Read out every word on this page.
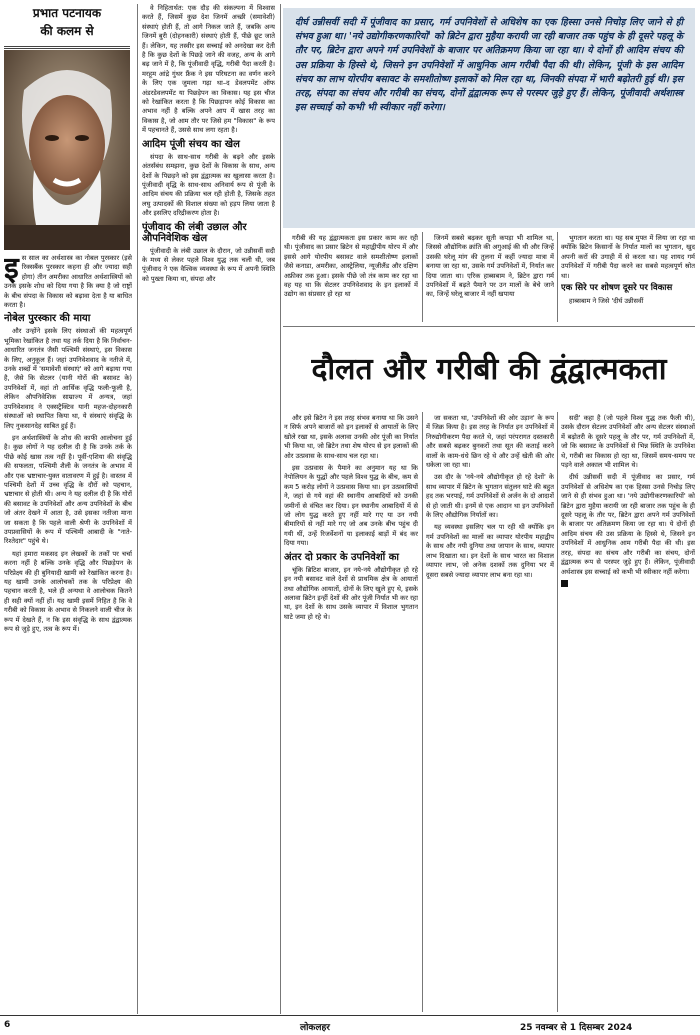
प्रभात पटनायक
की कलम से
दीर्घ उन्नीसवीं सदी में पूंजीवाद का प्रसार, गर्म उपनिवेशों से अधिशेष का एक हिस्सा उनसे निचोड़ लिए जाने से ही संभव हुआ था। 'नये उद्योगीकरणकारियों' को ब्रिटेन द्वारा मुहैया करायी जा रही बाजार तक पहुंच के ही दूसरे पहलू के तौर पर, ब्रिटेन द्वारा अपने गर्म उपनिवेशों के बाजार पर अतिक्रमण किया जा रहा था। ये दोनों ही आदिम संचय की उस प्रक्रिया के हिस्से थे, जिसने इन उपनिवेशों में आधुनिक आम गरीबी पैदा की थी। लेकिन, पूंजी के इस आदिम संचय का लाभ योरपीय बसावट के समशीतोष्ण इलाकों को मिल रहा था, जिनकी संपदा में भारी बढ़ोतरी हुई थी। इस तरह, संपदा का संचय और गरीबी का संचय, दोनों द्वंद्वात्मक रूप से परस्पर जुड़े हुए हैं। लेकिन, पूंजीवादी अर्थशास्त्र इस सच्चाई को कभी भी स्वीकार नहीं करेगा।
दौलत और गरीबी की द्वंद्वात्मकता

इस साल का अर्थशास्त्र का नोबल पुरस्कार (इसे रिक्सबैंक पुरस्कार कहना ही और ज्यादा सही होगा) तीन अमरीका आधारित अर्थशास्त्रियों को उनके इसके शोध को दिया गया है कि क्या है जो राष्ट्रों के बीच संपदा के विकास को बढ़ावा देता है या बाधित करता है।

नोबेल पुरस्कार की माया

और उन्होंने इसके लिए संस्थाओं की महत्वपूर्ण भूमिका रेखांकित है तथा यह तर्क दिया है कि निर्वाचन-आधारित जनतंत्र जैसी पश्चिमी संस्थाएं, इस विकास के लिए, अनुकूल हैं। जहां उपनिवेशवाद के नतीजे में, उनके शब्दों में 'समावेशी संस्थाएं' को आगे बढ़ाया गया है, जैसे कि सेटलर (यानी गोरों की बसावट के) उपनिवेशों में, वहां तो आर्थिक वृद्धि फली-फूली है, लेकिन औपनिवेशिक साम्राज्य में अन्यत्र, जहां उपनिवेशवाद ने एक्सट्रैक्टिव यानी महज-दोहनकारी संस्थाओं को स्थापित किया था, ये संस्थाएं संवृद्धि के लिए नुकसानदेह साबित हुई हैं।

इन अर्थशास्त्रियों के शोध की काफी आलोचना हुई है। कुछ लोगों ने यह दलील दी है कि उनके तर्क के पीछे कोई खास तत्व नहीं है। पूर्वी-एशिया की संवृद्धि की सफलता, पश्चिमी शैली के जनतंत्र के अभाव में और एक भ्रष्टाचार-युक्त वातावरण में हुई है। वास्तव में पश्चिमी देशों में उच्च वृद्धि के दौरों को पहचान, भ्रष्टाचार से होती थी। अन्य ने यह दलील दी है कि गोरों की बसावट के उपनिवेशों और अन्य उपनिवेशों के बीच जो अंतर देखने में आता है, उसे इसका नतीजा माना जा सकता है कि पहले वाली श्रेणी के उपनिवेशों में उपप्रवासियों के रूप में पश्चिमी आबादी के "नाते-रिश्तेदार" पहुंचे थे।

यहां हमारा मकसद इन लेखकों के तर्कों पर चर्चा करना नहीं है बल्कि उनके वृद्धि और पिछड़ेपन के परिप्रेक्ष्य की ही बुनियादी खामी को रेखांकित करना है। यह खामी उनके आलोचकों तक के परिप्रेक्ष्य की पहचान करती है, भले ही अन्यथा वे आलोचक कितने ही सही क्यों नहीं हों। यह खामी इसमें निहित है कि वे गरीबी को विकास के अभाव से निकलने वाली चीज के रूप में देखते हैं, न कि इस संवृद्धि के साथ द्वंद्वात्मक रूप से जुड़े हुए, तत्व के रूप में।

वे निहितार्थत: एक दौड़ की संकल्पना में विश्वास करते हैं, जिसमें कुछ देश जिनमें अच्छी (समावेशी) संस्थाएं होती हैं, तो आगे निकल जाते हैं, जबकि अन्य जिनमें बुरी (दोहनकारी) संस्थाएं होती हैं, पीछे छूट जाते हैं। लेकिन, यह तस्वीर इस सच्चाई को अनदेखा कर देती है कि कुछ देशों के पिछड़े जाने की वजह, अन्य के आगे बढ़ जाने में है, कि पूंजीवादी वृद्धि, गरीबी पैदा करती है। मरहूम आंद्रे गुंथर फ्रैंक ने इस परिघटना का वर्णन करने के लिए एक जुमला गढ़ा था–द डेवलपमेंट ऑफ अंडरडेवलपमेंट या पिछड़ेपन का विकास। यह इस चीज को रेखांकित करता है कि पिछड़ापन कोई विकास का अभाव नहीं है बल्कि अपने आप में खास तरह का विकास है, जो आम तौर पर जिसे हम "विकास" के रूप में पहचानते हैं, उससे साथ लगा रहता है।

आदिम पूंजी संचय का खेल

संपदा के साथ-साथ गरीबी के बढ़ने और इसके अंतर्संबंध समझना, कुछ देशों के विकास के साथ, अन्य देशों के पिछड़ने को इस द्वंद्वात्मक का खुलासा करता है। पूंजीवादी वृद्धि के साथ-साथ अनिवार्य रूप से पूंजी के आदिम संचय की प्रक्रिया चल रही होती है, जिसके तहत लघु उत्पादकों की विशाल संख्या को हड़प लिया जाता है और इसलिए दरिद्रीकरण होता है।

पूंजीवाद की लंबी उछाल और औपनिवेशिक खेल

पूंजीवादी के लंबी उछाल के दौरान, जो उन्नीसवीं सदी के मध्य से लेकर पहले विश्व युद्ध तक चली थी, जब पूंजीवाद ने एक वैश्विक व्यवस्था के रूप में अपनी स्थिति को पुख्ता किया था, संपदा और

गरीबी की यह द्वंद्वात्मकता इस प्रकार काम कर रही थी। पूंजीवाद का प्रसार ब्रिटेन से महाद्वीपीय योरप में और इससे आगे योरपीय बसावट वाले समशीतोष्ण इलाकों जैसे कनाडा, अमरीका, आस्ट्रेलिया, न्यूजीलैंड और दक्षिण अफ्रीका तक हुआ। इसके पीछे जो तंत्र काम कर रहा था वह यह था कि सेटलर उपनिवेशवाद के इन इलाकों में उद्योग का संप्रसार हो रहा था

जिनमें सबसे बढ़कर सूती कपड़ा भी शामिल था, जिससे औद्योगिक क्रांति की अगुआई की थी और जिन्हें उसकी घरेलू मांग की तुलना में कहीं ज्यादा मात्रा में बनाया जा रहा था, उसके गर्म उपनिवेशों में, निर्यात कर दिया जाता था। एरिक हाब्सबाम ने, ब्रिटेन द्वारा गर्म उपनिवेशों में बढ़ते पैमाने पर उन मालों के बेचे जाने का, जिन्हें घरेलू बाजार में नहीं खपाया

भुगतान करता था। यह सब मुफ्त में लिया जा रहा था क्योंकि ब्रिटेन किसानों के निर्यात मालों का भुगतान, खुद अपनी करों की उगाही में से करता था। यह शायद गर्म उपनिवेशों में गरीबी पैदा करने का सबसे महत्वपूर्ण स्रोत था।

एक सिरे पर शोषण दूसरे पर विकास

हाब्सबाम ने जिसे 'दीर्घ उन्नीसवीं

और इसे ब्रिटेन ने इस तरह संभव बनाया था कि उसने न सिर्फ अपने बाजारों को इन इलाकों से आयातों के लिए खोले रखा था, इसके अलावा उनकी ओर पूंजी का निर्यात भी किया था, जो ब्रिटेन तथा शेष योरप से इन इलाकों की ओर उत्प्रवास के साथ-साथ चल रहा था।

इस उत्प्रवास के पैमाने का अनुमान यह था कि नेपोलियन के युद्धों और पहले विश्व युद्ध के बीच, कम से कम 5 करोड़ लोगों ने उत्प्रवास किया था। इन उत्प्रवासियों ने, जहां से गये वहां की स्थानीय आबादियों को उनकी जमीनों से वंचित कर दिया। इन स्थानीय आबादियों में से जो लोग युद्ध करते हुए नहीं मारे गए या उन नयी बीमारियों से नहीं मारे गए जो अब उनके बीच पहुंच दी गयी थीं, उन्हें रिजर्वेशनों या इलाकाई बाड़ों में बंद कर दिया गया।

अंतर दो प्रकार के उपनिवेशों का

चूंकि ब्रिटिश बाजार, इन नये-नये औद्योगीकृत हो रहे इन नयी बसावट वाले देशों से प्राथमिक क्षेत्र के आयातों तथा औद्योगिक आयातों, दोनों के लिए खुले हुए थे, इसके अलावा ब्रिटेन इन्हीं देशों की ओर पूंजी निर्यात भी कर रहा था, इन देशों के साथ उसके व्यापार में विशाल भुगतान घाटे जमा हो रहे थे।

जा सकता था, 'उपनिवेशों की ओर उड़ान' के रूप में जिक्र किया है। इस तरह के निर्यात इन उपनिवेशों में निरुद्योगीकरण पैदा करते थे, जहां परंपरागत दस्तकारी और सबसे बढ़कर बुनकरों तथा सूत की कताई करने वालों के काम-धंधे छिन रहे थे और उन्हें खेती की ओर धकेला जा रहा था।

उस दौर के 'नये-नये औद्योगीकृत हो रहे देशों' के साथ व्यापार में ब्रिटेन के भुगतान संतुलन घाटे की बहुत हद तक भरपाई, गर्म उपनिवेशों से अर्जन के दो आदाशें से हो जाती थी। इनमें से एक आदान था इन उपनिवेशों के लिए औद्योगिक निर्यातों का।

यह व्यवस्था इसलिए चल पा रही थी क्योंकि इन गर्म उपनिवेशों का मालों का व्यापार योरपीय महाद्वीप के साथ और नयी दुनिया तथा जापान के साथ, व्यापार लाभ दिखाता था। इन देशों के साथ भारत का विशाल व्यापार लाभ, जो अनेक दशकों तक दुनिया भर में दूसरा सबसे ज्यादा व्यापार लाभ बना रहा था।

सदी' कहा है (जो पहले विश्व युद्ध तक फैली थी), उसके दौरान सेटलर उपनिवेशों और अन्य सेटलर संस्थाओं में बढ़ोतरी के दूसरे पहलू के तौर पर, गर्म उपनिवेशों में, जो कि बसावट के उपनिवेशों से भिन्न स्थिति के उपनिवेश थे, गरीबी का विकास हो रहा था, जिसमें समय-समय पर पड़ने वाले अकाल भी शामिल थे।

दीर्घ उन्नीसवीं सदी में पूंजीवाद का प्रसार, गर्म उपनिवेशों से अधिशेष का एक हिस्सा उनसे निचोड़ लिए जाने से ही संभव हुआ था। 'नये उद्योगीकरणकारियों' को ब्रिटेन द्वारा मुहैया करायी जा रही बाजार तक पहुंच के ही दूसरे पहलू के तौर पर, ब्रिटेन द्वारा अपने गर्म उपनिवेशों के बाजार पर अतिक्रमण किया जा रहा था। ये दोनों ही आदिम संचय की उस प्रक्रिया के हिस्से थे, जिसने इन उपनिवेशों में आधुनिक आम गरीबी पैदा की थी। इस तरह, संपदा का संचय और गरीबी का संचय, दोनों द्वंद्वात्मक रूप से परस्पर जुड़े हुए हैं। लेकिन, पूंजीवादी अर्थशास्त्र इस सच्चाई को कभी भी स्वीकार नहीं करेगा।

6	लोकलहर	25 नवम्बर से 1 दिसम्बर 2024
